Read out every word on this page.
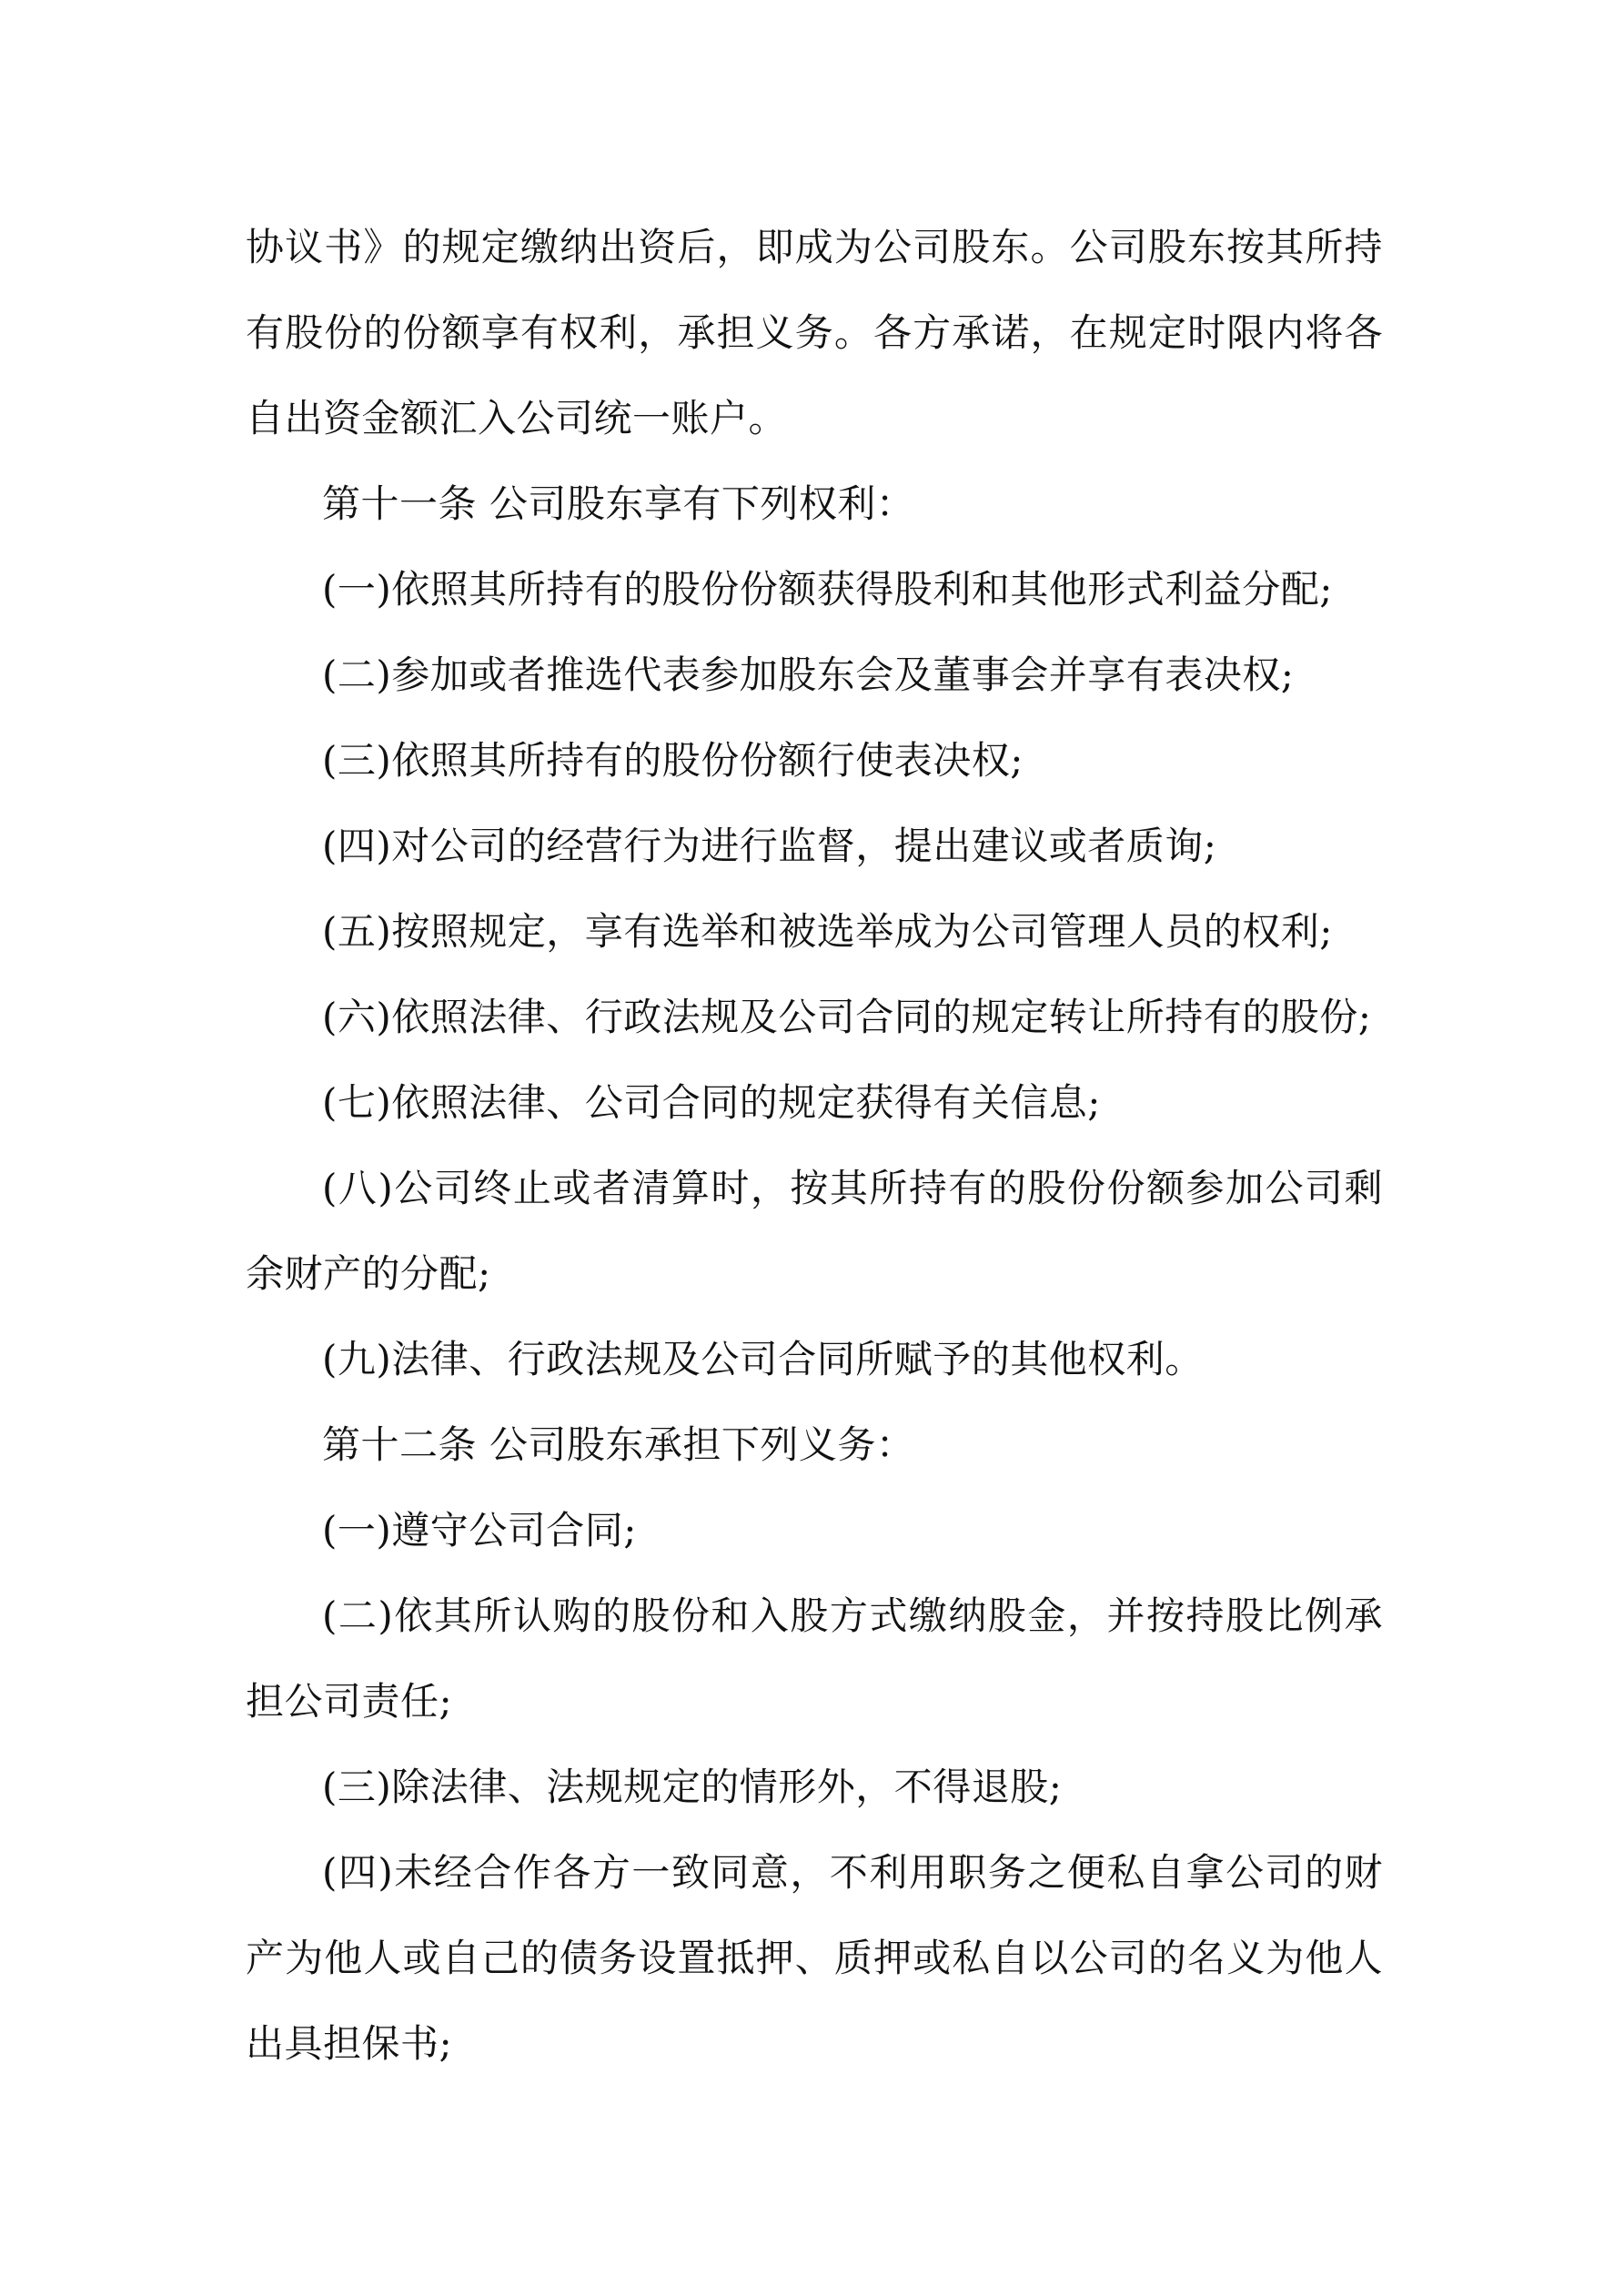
协议书》的规定缴纳出资后，即成为公司股东。公司股东按其所持有股份的份额享有权利，承担义务。各方承诺，在规定时限内将各自出资金额汇入公司统一账户。

第十一条 公司股东享有下列权利：

(一)依照其所持有的股份份额获得股利和其他形式利益分配;

(二)参加或者推选代表参加股东会及董事会并享有表决权;

(三)依照其所持有的股份份额行使表决权;

(四)对公司的经营行为进行监督，提出建议或者质询;

(五)按照规定，享有选举和被选举成为公司管理人员的权利;

(六)依照法律、行政法规及公司合同的规定转让所持有的股份;

(七)依照法律、公司合同的规定获得有关信息;

(八)公司终止或者清算时，按其所持有的股份份额参加公司剩余财产的分配;

(九)法律、行政法规及公司合同所赋予的其他权利。

第十二条 公司股东承担下列义务：

(一)遵守公司合同;

(二)依其所认购的股份和入股方式缴纳股金，并按持股比例承担公司责任;

(三)除法律、法规规定的情形外，不得退股;

(四)未经合作各方一致同意，不利用职务之便私自拿公司的财产为他人或自己的债务设置抵押、质押或私自以公司的名义为他人出具担保书;
